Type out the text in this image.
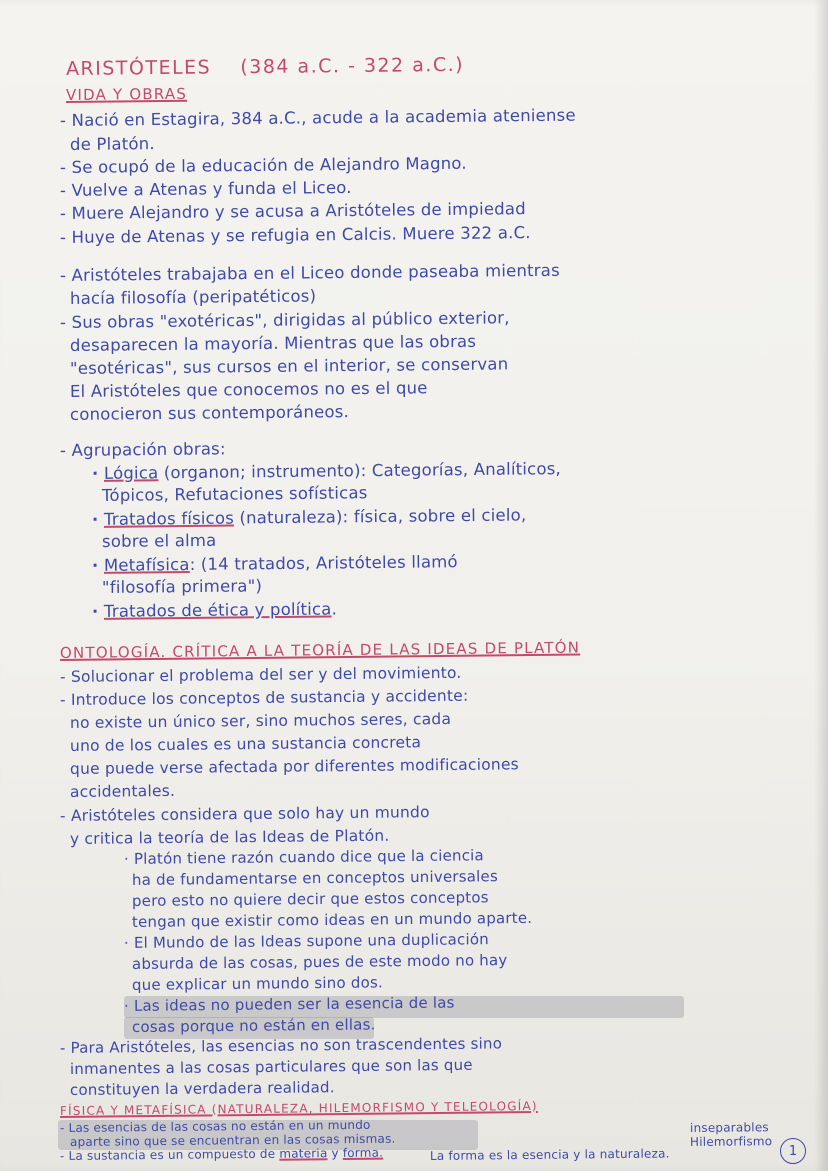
ARISTÓTELES (384 a.C. - 322 a.C.)
VIDA Y OBRAS
- Nació en Estagira, 384 a.C., acude a la academia ateniense
de Platón.
- Se ocupó de la educación de Alejandro Magno.
- Vuelve a Atenas y funda el Liceo.
- Muere Alejandro y se acusa a Aristóteles de impiedad
- Huye de Atenas y se refugia en Calcis. Muere 322 a.C.
- Aristóteles trabajaba en el Liceo donde paseaba mientras
hacía filosofía (peripatéticos)
- Sus obras "exotéricas", dirigidas al público exterior,
desaparecen la mayoría. Mientras que las obras
"esotéricas", sus cursos en el interior, se conservan
El Aristóteles que conocemos no es el que
conocieron sus contemporáneos.
- Agrupación obras:
· Lógica (organon; instrumento): Categorías, Analíticos,
Tópicos, Refutaciones sofísticas
· Tratados físicos (naturaleza): física, sobre el cielo,
sobre el alma
· Metafísica: (14 tratados, Aristóteles llamó
"filosofía primera")
· Tratados de ética y política.
ONTOLOGÍA. CRÍTICA A LA TEORÍA DE LAS IDEAS DE PLATÓN
- Solucionar el problema del ser y del movimiento.
- Introduce los conceptos de sustancia y accidente:
no existe un único ser, sino muchos seres, cada
uno de los cuales es una sustancia concreta
que puede verse afectada por diferentes modificaciones
accidentales.
- Aristóteles considera que solo hay un mundo
y critica la teoría de las Ideas de Platón.
· Platón tiene razón cuando dice que la ciencia
ha de fundamentarse en conceptos universales
pero esto no quiere decir que estos conceptos
tengan que existir como ideas en un mundo aparte.
· El Mundo de las Ideas supone una duplicación
absurda de las cosas, pues de este modo no hay
que explicar un mundo sino dos.
· Las ideas no pueden ser la esencia de las
cosas porque no están en ellas.
- Para Aristóteles, las esencias no son trascendentes sino
inmanentes a las cosas particulares que son las que
constituyen la verdadera realidad.
FÍSICA Y METAFÍSICA (NATURALEZA, HILEMORFISMO Y TELEOLOGÍA)
1
- Las esencias de las cosas no están en un mundo
aparte sino que se encuentran en las cosas mismas.
- La sustancia es un compuesto de materia y forma.	La forma es la esencia y la naturaleza.
inseparables
Hilemorfismo
